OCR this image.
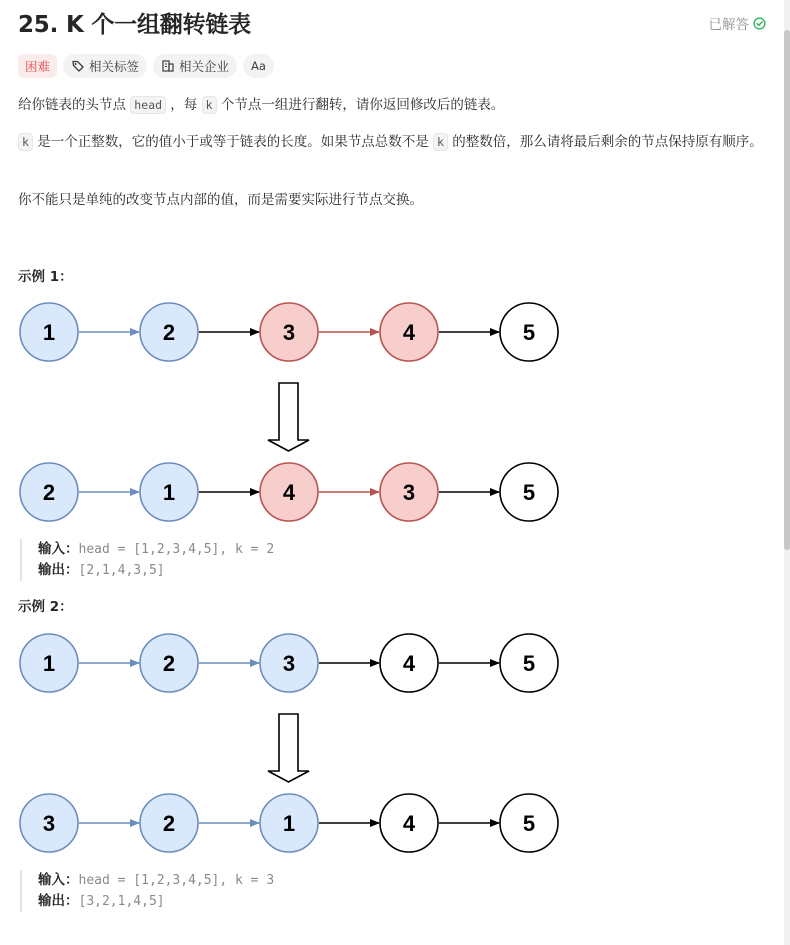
25. K 个一组翻转链表	已解答
困难	相关标签	相关企业 Aa

给你链表的头节点 head ，每 k 个节点一组进行翻转，请你返回修改后的链表。

k 是一个正整数，它的值小于或等于链表的长度。如果节点总数不是 k 的整数倍，那么请将最后剩余的节点保持原有顺序。

你不能只是单纯的改变节点内部的值，而是需要实际进行节点交换。

示例 1：

1	2	3	4	5
2	1	4	3	5
输入：head = [1,2,3,4,5], k = 2
输出：[2,1,4,3,5]

示例 2：

1	2	3	4	5
3	2	1	4	5
输入：head = [1,2,3,4,5], k = 3
输出：[3,2,1,4,5]
